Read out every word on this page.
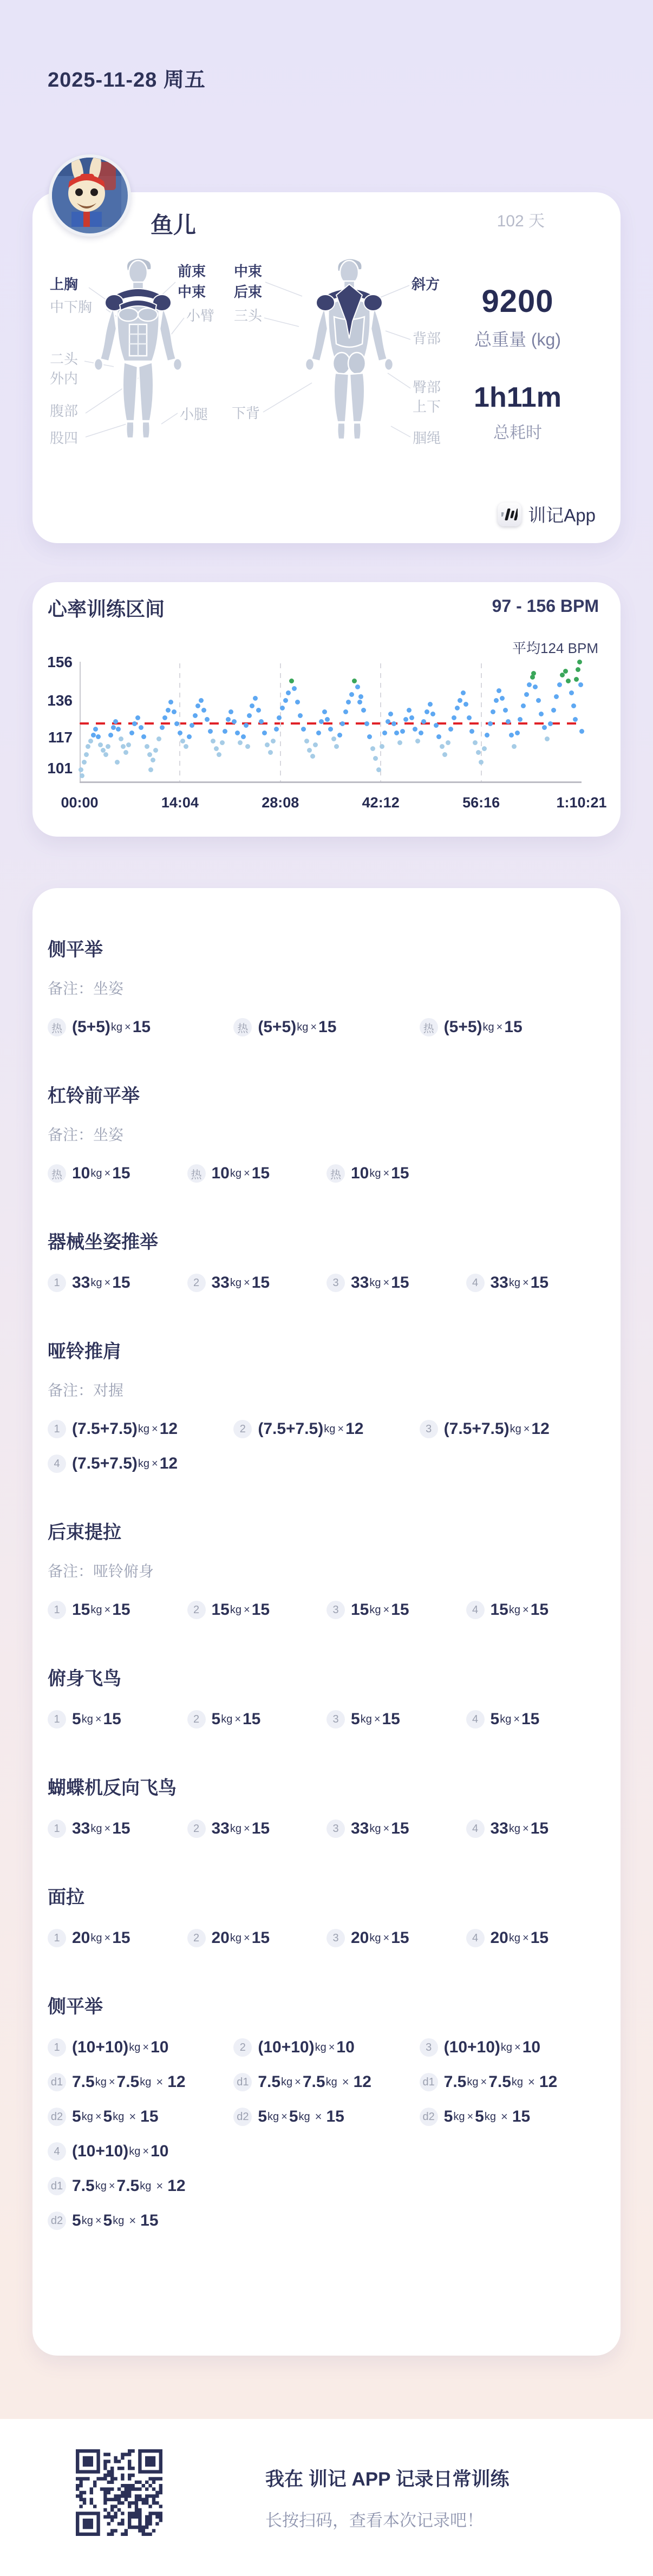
2025-11-28 周五
鱼儿	102 天
上胸
中下胸
二头
外内
腹部
股四
前束
中束
小臂
小腿
中束
后束
三头
下背
斜方
背部
臀部
上下
腘绳
9200
总重量 (kg)
1h11m
总耗时
训记App
心率训练区间	97 - 156 BPM
156
136
117
101
00:00	14:04	28:08	42:12	56:16	1:10:21
平均124 BPM
侧平举
备注：坐姿
热 (5+5) kg × 15	热 (5+5) kg × 15	热 (5+5) kg × 15
杠铃前平举
备注：坐姿
热 10 kg × 15	热 10 kg × 15	热 10 kg × 15
器械坐姿推举
1 33 kg × 15	2 33 kg × 15	3 33 kg × 15	4 33 kg × 15
哑铃推肩
备注：对握
1 (7.5+7.5) kg × 12	2 (7.5+7.5) kg × 12	3 (7.5+7.5) kg × 12
4 (7.5+7.5) kg × 12
后束提拉
备注：哑铃俯身
1 15 kg × 15	2 15 kg × 15	3 15 kg × 15	4 15 kg × 15
俯身飞鸟
1 5 kg × 15	2 5 kg × 15	3 5 kg × 15	4 5 kg × 15
蝴蝶机反向飞鸟
1 33 kg × 15	2 33 kg × 15	3 33 kg × 15	4 33 kg × 15
面拉
1 20 kg × 15	2 20 kg × 15	3 20 kg × 15	4 20 kg × 15
侧平举
1 (10+10) kg × 10	2 (10+10) kg × 10	3 (10+10) kg × 10
d1 7.5 kg × 7.5 kg × 12	d1 7.5 kg × 7.5 kg × 12	d1 7.5 kg × 7.5 kg × 12
d2 5 kg × 5 kg × 15	d2 5 kg × 5 kg × 15	d2 5 kg × 5 kg × 15
4 (10+10) kg × 10
d1 7.5 kg × 7.5 kg × 12
d2 5 kg × 5 kg × 15
我在 训记 APP 记录日常训练
长按扫码，查看本次记录吧！
